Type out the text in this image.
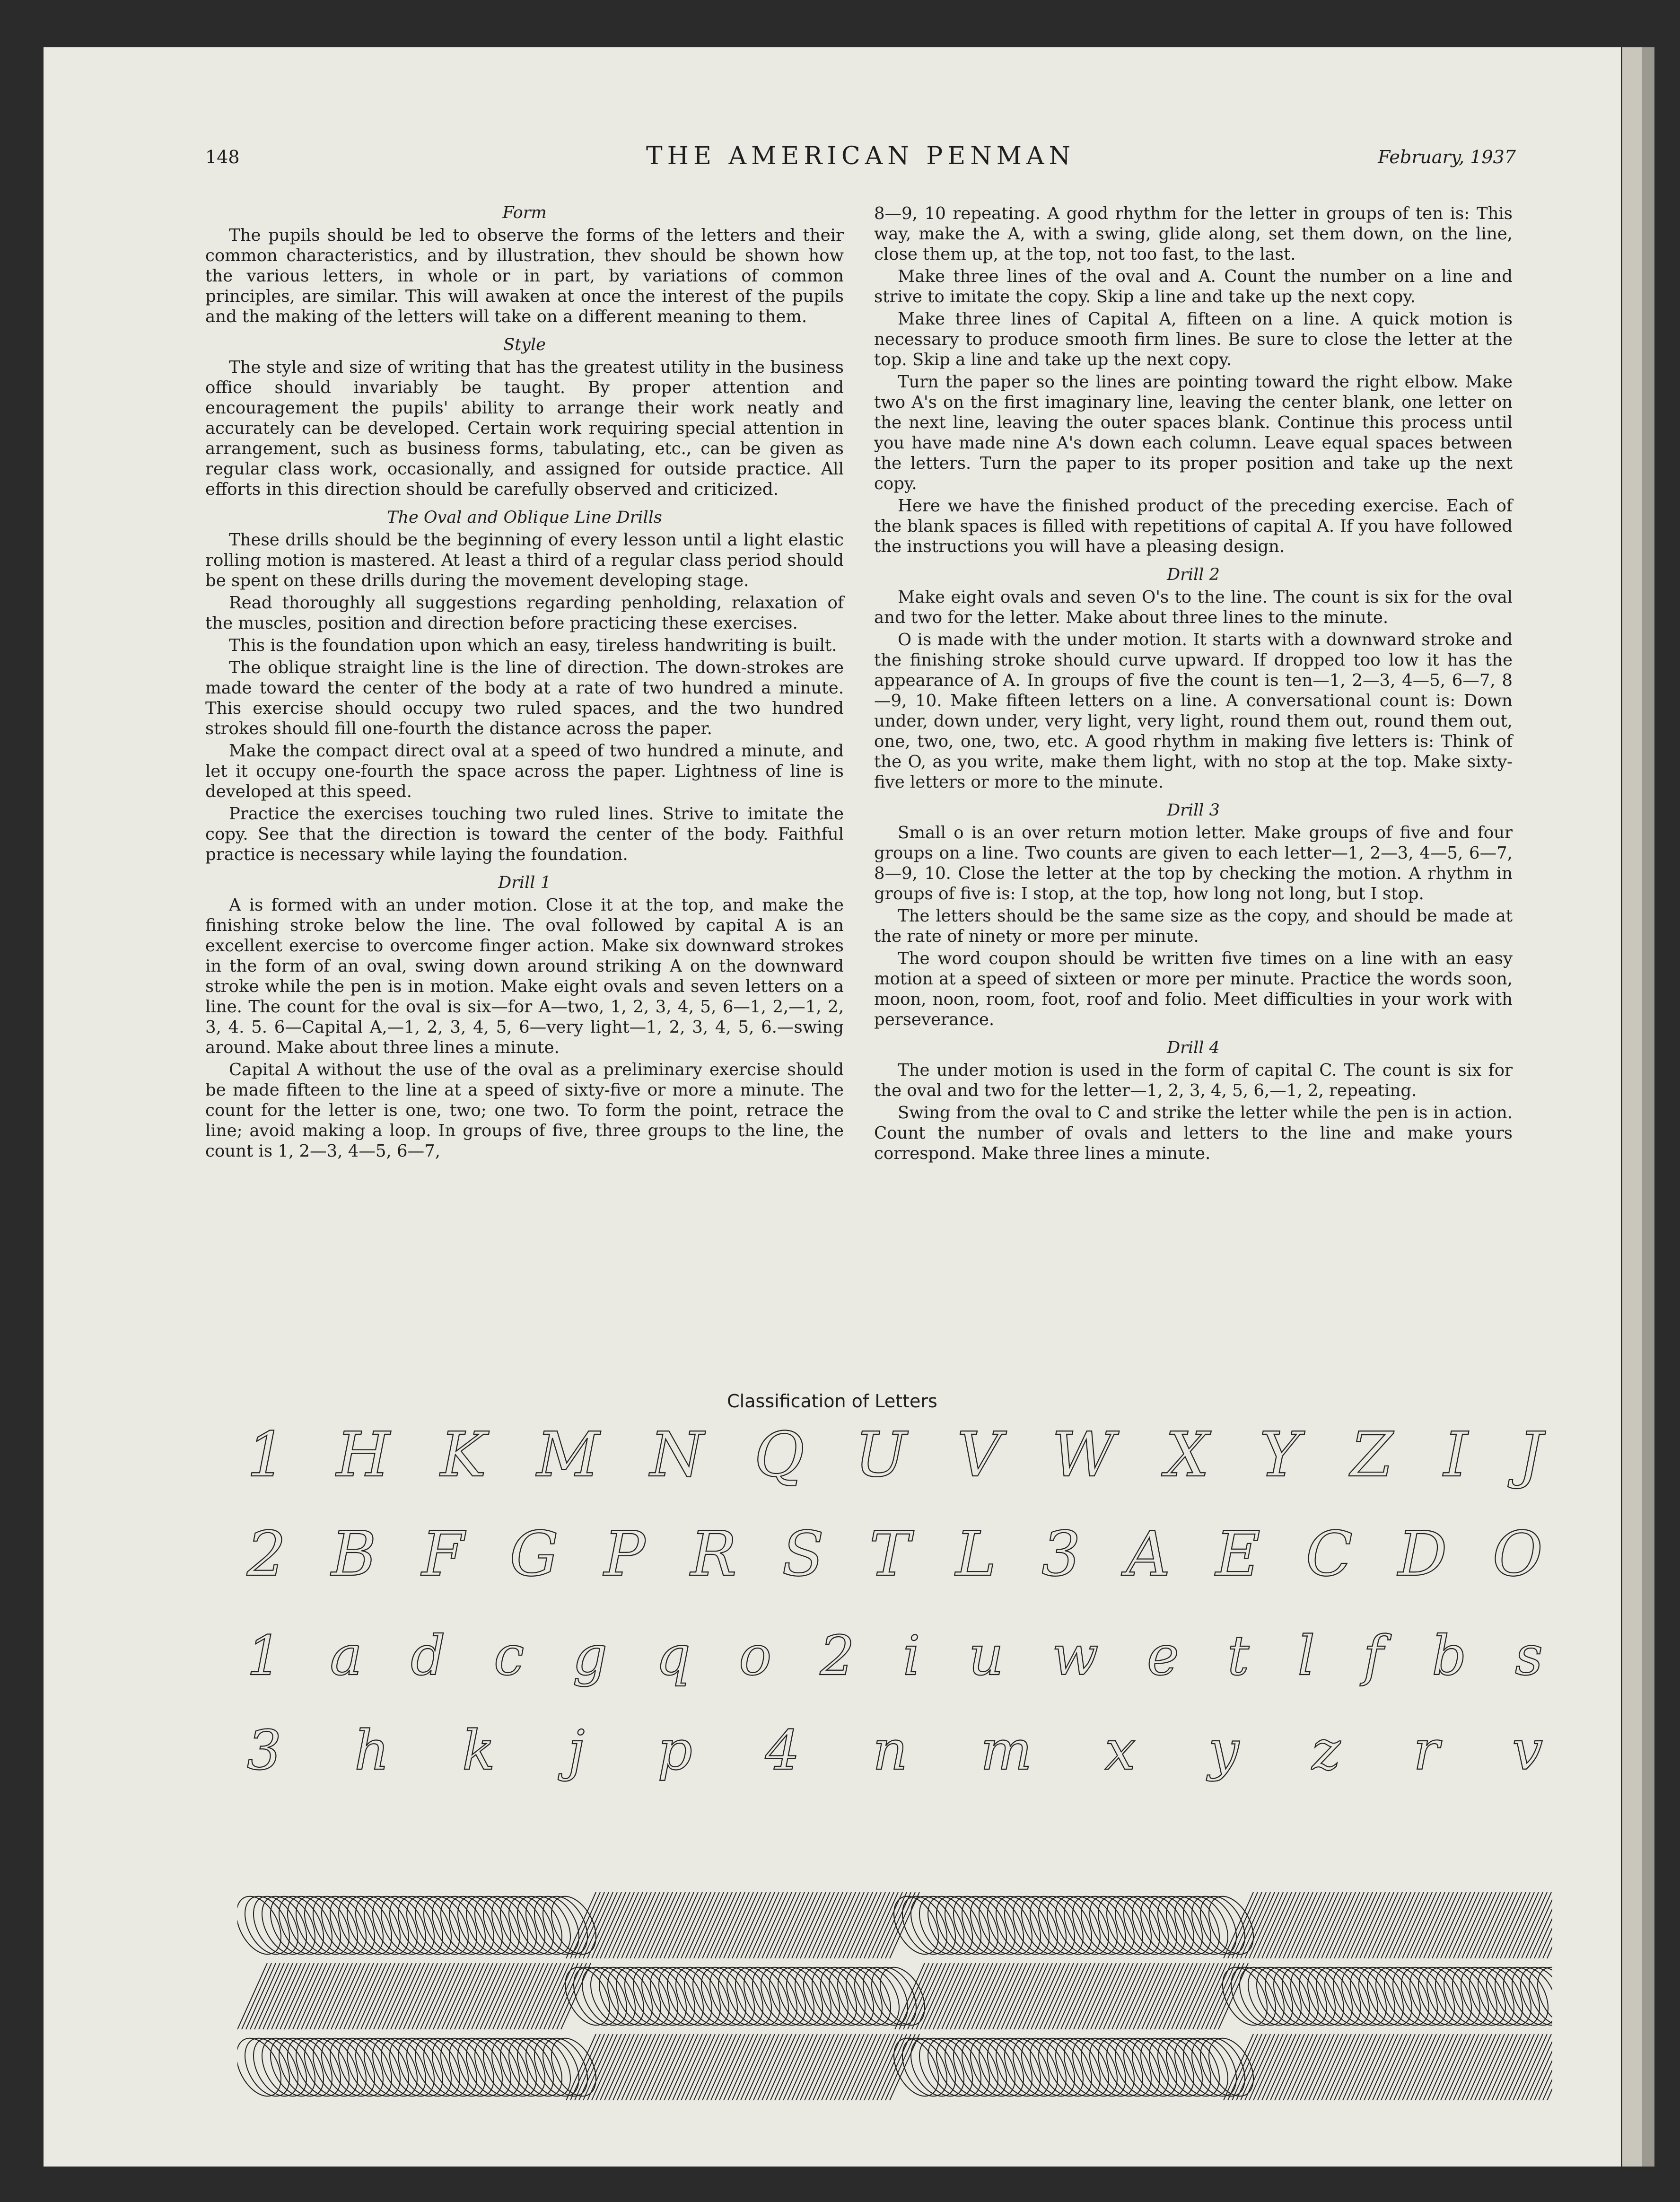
148	THE AMERICAN PENMAN	February, 1937
Form

The pupils should be led to observe the forms of the letters and their common characteristics, and by illustration, thev should be shown how the various letters, in whole or in part, by variations of common principles, are similar. This will awaken at once the interest of the pupils and the making of the letters will take on a different meaning to them.

Style

The style and size of writing that has the greatest utility in the business office should invariably be taught. By proper attention and encouragement the pupils' ability to arrange their work neatly and accurately can be developed. Certain work requiring special attention in arrangement, such as business forms, tabulating, etc., can be given as regular class work, occasionally, and assigned for outside practice. All efforts in this direction should be carefully observed and criticized.

The Oval and Oblique Line Drills

These drills should be the beginning of every lesson until a light elastic rolling motion is mastered. At least a third of a regular class period should be spent on these drills during the movement developing stage.

Read thoroughly all suggestions regarding penholding, relaxation of the muscles, position and direction before practicing these exercises.

This is the foundation upon which an easy, tireless handwriting is built.

The oblique straight line is the line of direction. The down-strokes are made toward the center of the body at a rate of two hundred a minute. This exercise should occupy two ruled spaces, and the two hundred strokes should fill one-fourth the distance across the paper.

Make the compact direct oval at a speed of two hundred a minute, and let it occupy one-fourth the space across the paper. Lightness of line is developed at this speed.

Practice the exercises touching two ruled lines. Strive to imitate the copy. See that the direction is toward the center of the body. Faithful practice is necessary while laying the foundation.

Drill 1

A is formed with an under motion. Close it at the top, and make the finishing stroke below the line. The oval followed by capital A is an excellent exercise to overcome finger action. Make six downward strokes in the form of an oval, swing down around striking A on the downward stroke while the pen is in motion. Make eight ovals and seven letters on a line. The count for the oval is six—for A—two, 1, 2, 3, 4, 5, 6—1, 2,—1, 2, 3, 4. 5. 6—Capital A,—1, 2, 3, 4, 5, 6—very light—1, 2, 3, 4, 5, 6.—swing around. Make about three lines a minute.

Capital A without the use of the oval as a preliminary exercise should be made fifteen to the line at a speed of sixty-five or more a minute. The count for the letter is one, two; one two. To form the point, retrace the line; avoid making a loop. In groups of five, three groups to the line, the count is 1, 2—3, 4—5, 6—7,

8—9, 10 repeating. A good rhythm for the letter in groups of ten is: This way, make the A, with a swing, glide along, set them down, on the line, close them up, at the top, not too fast, to the last.

Make three lines of the oval and A. Count the number on a line and strive to imitate the copy. Skip a line and take up the next copy.

Make three lines of Capital A, fifteen on a line. A quick motion is necessary to produce smooth firm lines. Be sure to close the letter at the top. Skip a line and take up the next copy.

Turn the paper so the lines are pointing toward the right elbow. Make two A's on the first imaginary line, leaving the center blank, one letter on the next line, leaving the outer spaces blank. Continue this process until you have made nine A's down each column. Leave equal spaces between the letters. Turn the paper to its proper position and take up the next copy.

Here we have the finished product of the preceding exercise. Each of the blank spaces is filled with repetitions of capital A. If you have followed the instructions you will have a pleasing design.

Drill 2

Make eight ovals and seven O's to the line. The count is six for the oval and two for the letter. Make about three lines to the minute.

O is made with the under motion. It starts with a downward stroke and the finishing stroke should curve upward. If dropped too low it has the appearance of A. In groups of five the count is ten—1, 2—3, 4—5, 6—7, 8—9, 10. Make fifteen letters on a line. A conversational count is: Down under, down under, very light, very light, round them out, round them out, one, two, one, two, etc. A good rhythm in making five letters is: Think of the O, as you write, make them light, with no stop at the top. Make sixty-five letters or more to the minute.

Drill 3

Small o is an over return motion letter. Make groups of five and four groups on a line. Two counts are given to each letter—1, 2—3, 4—5, 6—7, 8—9, 10. Close the letter at the top by checking the motion. A rhythm in groups of five is: I stop, at the top, how long not long, but I stop.

The letters should be the same size as the copy, and should be made at the rate of ninety or more per minute.

The word coupon should be written five times on a line with an easy motion at a speed of sixteen or more per minute. Practice the words soon, moon, noon, room, foot, roof and folio. Meet difficulties in your work with perseverance.

Drill 4

The under motion is used in the form of capital C. The count is six for the oval and two for the letter—1, 2, 3, 4, 5, 6,—1, 2, repeating.

Swing from the oval to C and strike the letter while the pen is in action. Count the number of ovals and letters to the line and make yours correspond. Make three lines a minute.

Classification of Letters
1 H K M N Q U V W X Y Z I J
2 B F G P R S T L 3 A E C D O
1 a d c g q o 2 i u w e t l f b s
3 h k j p 4 n m x y z r v
